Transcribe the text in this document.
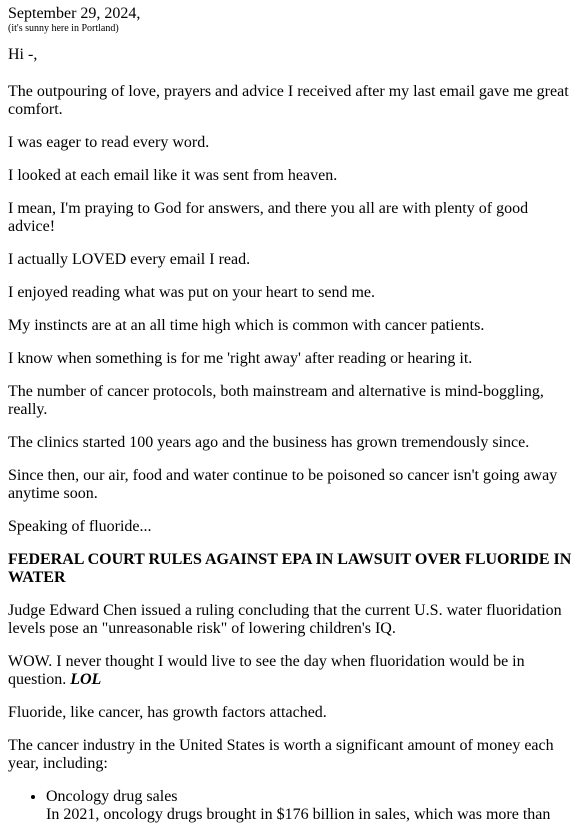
September 29, 2024,
(it's sunny here in Portland)

Hi -,

The outpouring of love, prayers and advice I received after my last email gave me great comfort.

I was eager to read every word.

I looked at each email like it was sent from heaven.

I mean, I'm praying to God for answers, and there you all are with plenty of good advice!

I actually LOVED every email I read.

I enjoyed reading what was put on your heart to send me.

My instincts are at an all time high which is common with cancer patients.

I know when something is for me 'right away' after reading or hearing it.

The number of cancer protocols, both mainstream and alternative is mind-boggling, really.

The clinics started 100 years ago and the business has grown tremendously since.

Since then, our air, food and water continue to be poisoned so cancer isn't going away anytime soon.

Speaking of fluoride...

FEDERAL COURT RULES AGAINST EPA IN LAWSUIT OVER FLUORIDE IN WATER

Judge Edward Chen issued a ruling concluding that the current U.S. water fluoridation levels pose an "unreasonable risk" of lowering children's IQ.

WOW. I never thought I would live to see the day when fluoridation would be in question. LOL

Fluoride, like cancer, has growth factors attached.

The cancer industry in the United States is worth a significant amount of money each year, including:

• Oncology drug sales
In 2021, oncology drugs brought in $176 billion in sales, which was more than
